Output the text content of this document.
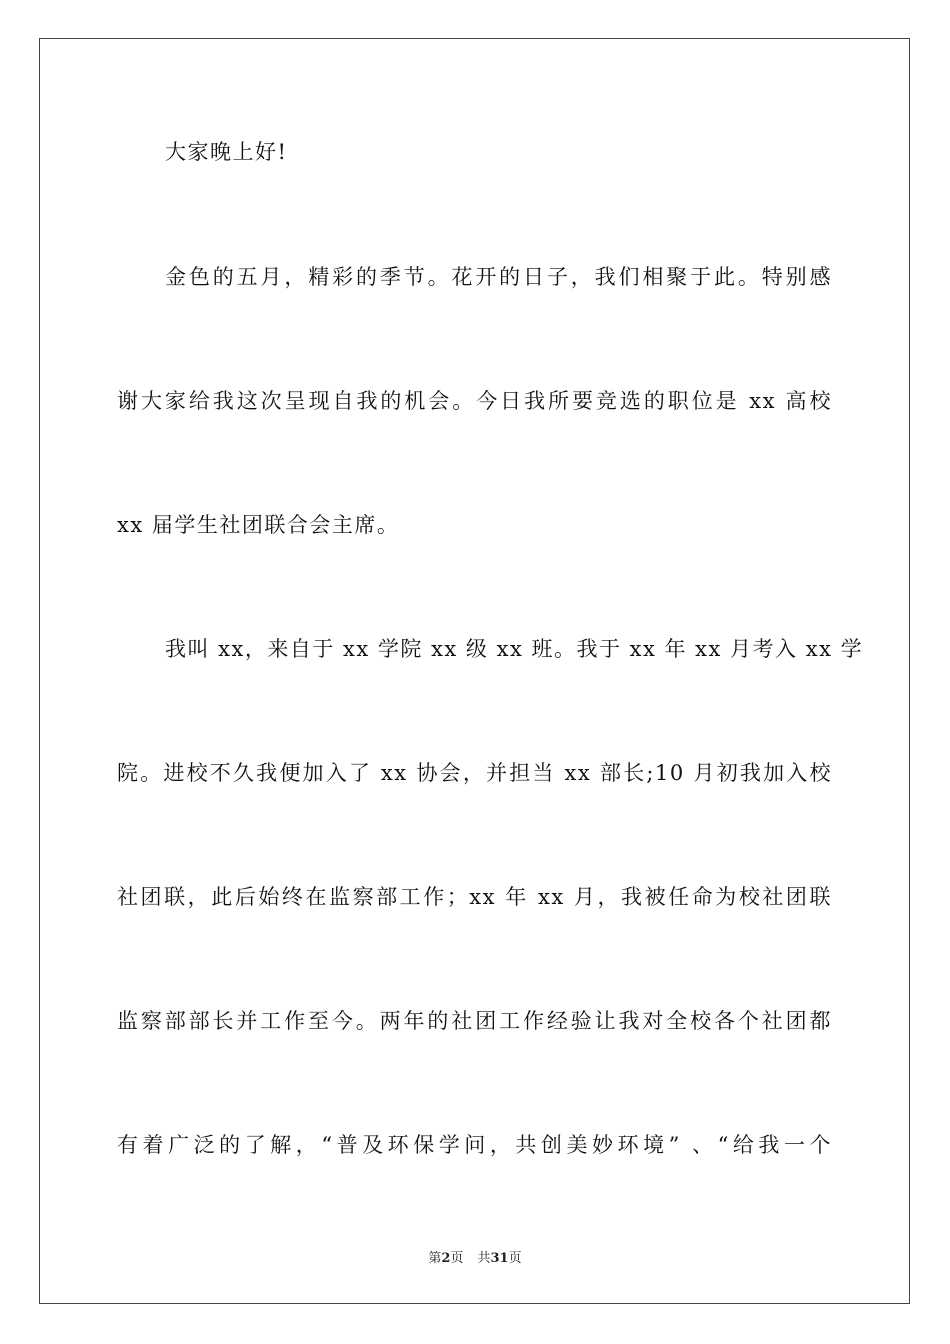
大家晚上好!
金色的五月，精彩的季节。花开的日子，我们相聚于此。特别感
谢大家给我这次呈现自我的机会。今日我所要竞选的职位是 xx 高校
xx 届学生社团联合会主席。
我叫 xx，来自于 xx 学院 xx 级 xx 班。我于 xx 年 xx 月考入 xx 学
院。进校不久我便加入了 xx 协会，并担当 xx 部长;10 月初我加入校
社团联，此后始终在监察部工作；xx 年 xx 月，我被任命为校社团联
监察部部长并工作至今。两年的社团工作经验让我对全校各个社团都
有着广泛的了解，“普及环保学问，共创美妙环境” 、“给我一个
第2页 共31页
